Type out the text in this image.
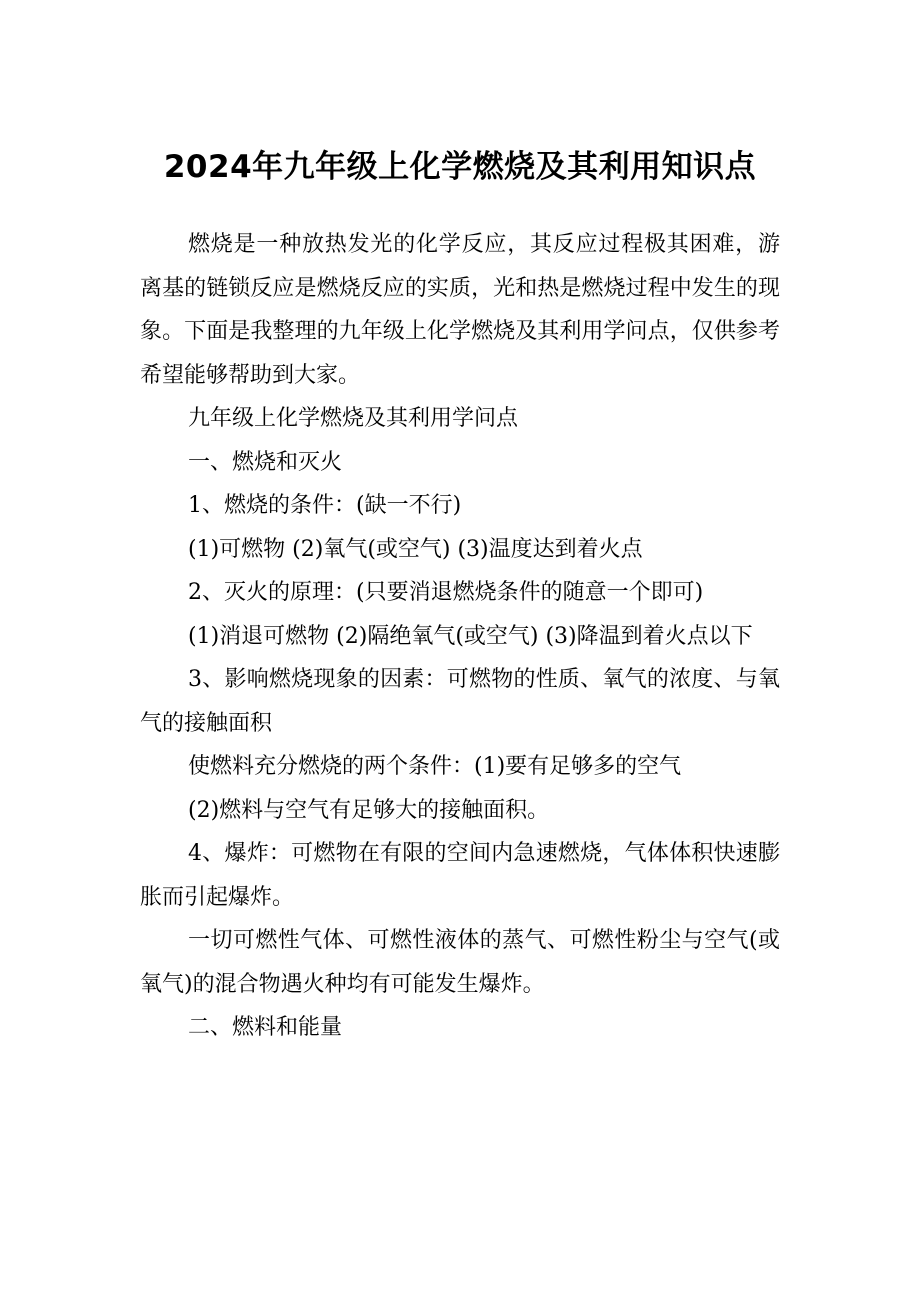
2024年九年级上化学燃烧及其利用知识点

燃烧是一种放热发光的化学反应，其反应过程极其困难，游离基的链锁反应是燃烧反应的实质，光和热是燃烧过程中发生的现象。下面是我整理的九年级上化学燃烧及其利用学问点，仅供参考希望能够帮助到大家。

九年级上化学燃烧及其利用学问点

一、燃烧和灭火

1、燃烧的条件：(缺一不行)

(1)可燃物 (2)氧气(或空气) (3)温度达到着火点

2、灭火的原理：(只要消退燃烧条件的随意一个即可)

(1)消退可燃物 (2)隔绝氧气(或空气) (3)降温到着火点以下

3、影响燃烧现象的因素：可燃物的性质、氧气的浓度、与氧气的接触面积

使燃料充分燃烧的两个条件：(1)要有足够多的空气

(2)燃料与空气有足够大的接触面积。

4、爆炸：可燃物在有限的空间内急速燃烧，气体体积快速膨胀而引起爆炸。

一切可燃性气体、可燃性液体的蒸气、可燃性粉尘与空气(或氧气)的混合物遇火种均有可能发生爆炸。

二、燃料和能量
